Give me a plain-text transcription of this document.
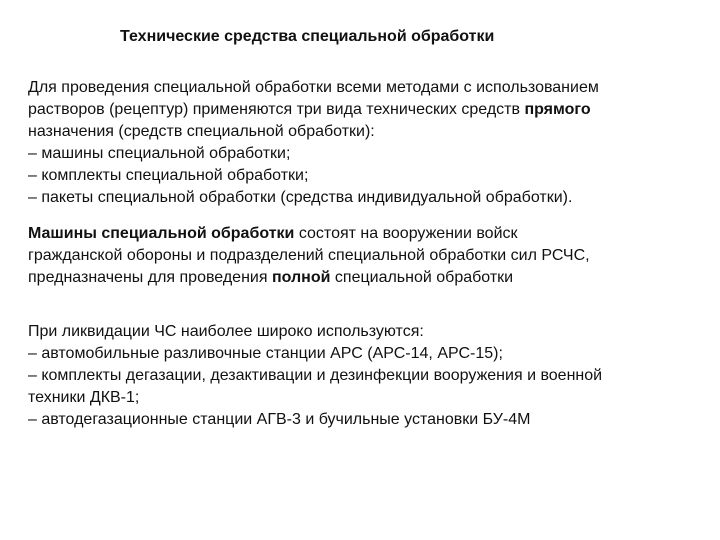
Технические средства специальной обработки
Для проведения специальной обработки всеми методами с использованием
растворов (рецептур) применяются три вида технических средств прямого
назначения (средств специальной обработки):
– машины специальной обработки;
– комплекты специальной обработки;
– пакеты специальной обработки (средства индивидуальной обработки).
Машины специальной обработки состоят на вооружении войск
гражданской обороны и подразделений специальной обработки сил РСЧС,
предназначены для проведения полной специальной обработки
При ликвидации ЧС наиболее широко используются:
– автомобильные разливочные станции АРС (АРС-14, АРС-15);
– комплекты дегазации, дезактивации и дезинфекции вооружения и военной
техники ДКВ-1;
– автодегазационные станции АГВ-3 и бучильные установки БУ-4М
